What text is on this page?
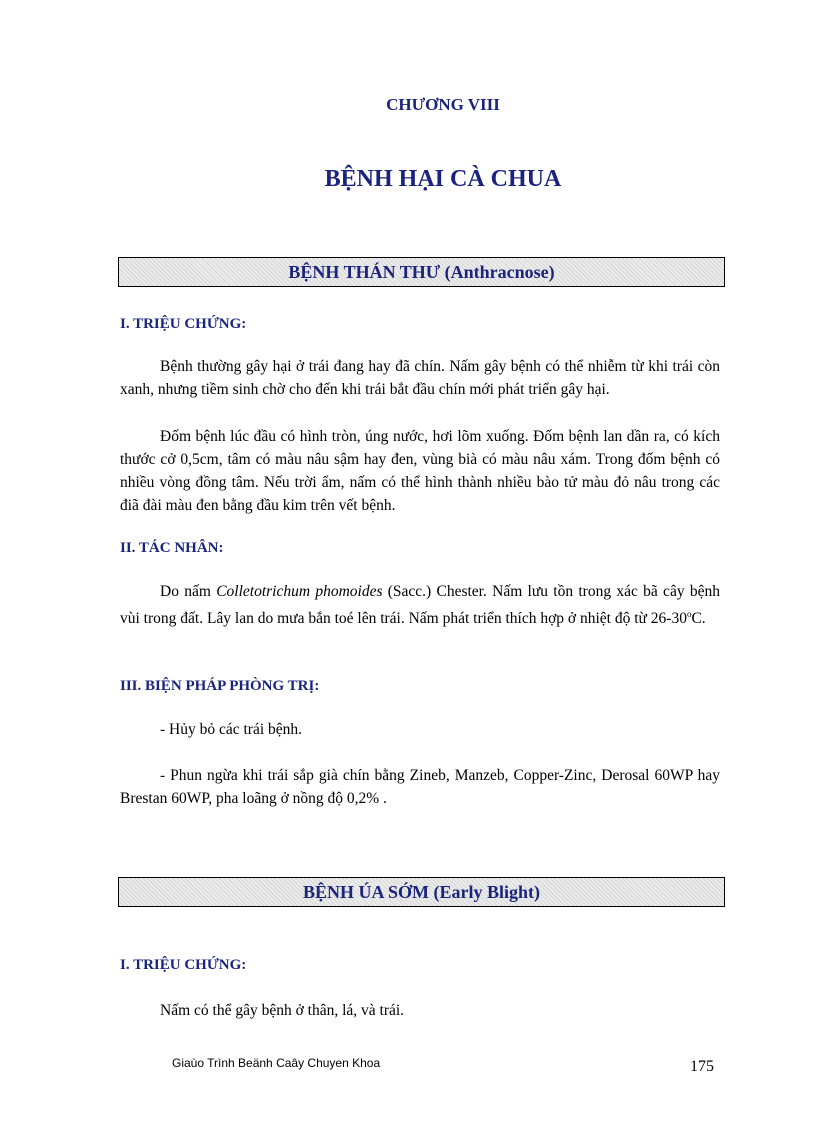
CHƯƠNG VIII
BỆNH HẠI CÀ CHUA
BỆNH THÁN THƯ (Anthracnose)
I. TRIỆU CHỨNG:
Bệnh thường gây hại ở trái đang hay đã chín. Nấm gây bệnh có thể nhiễm từ khi trái còn xanh, nhưng tiềm sinh chờ cho đến khi trái bắt đầu chín mới phát triển gây hại.
Đốm bệnh lúc đầu có hình tròn, úng nước, hơi lõm xuống. Đốm bệnh lan dần ra, có kích thước cở 0,5cm, tâm có màu nâu sậm hay đen, vùng bià có màu nâu xám. Trong đốm bệnh có nhiều vòng đồng tâm. Nếu trời ẩm, nấm có thể hình thành nhiều bào tử màu đỏ nâu trong các điã đài màu đen bằng đầu kim trên vết bệnh.
II. TÁC NHÂN:
Do nấm Colletotrichum phomoides (Sacc.) Chester. Nấm lưu tồn trong xác bã cây bệnh vùi trong đất. Lây lan do mưa bắn toé lên trái. Nấm phát triển thích hợp ở nhiệt độ từ 26-30$^o$C.
III. BIỆN PHÁP PHÒNG TRỊ:
- Hủy bỏ các trái bệnh.
- Phun ngừa khi trái sắp già chín bằng Zineb, Manzeb, Copper-Zinc, Derosal 60WP hay Brestan 60WP, pha loãng ở nồng độ 0,2% .
BỆNH ÚA SỚM (Early Blight)
I. TRIỆU CHỨNG:
Nấm có thể gây bệnh ở thân, lá, và trái.
Giaùo Trình Beänh Caây Chuyen Khoa	175
